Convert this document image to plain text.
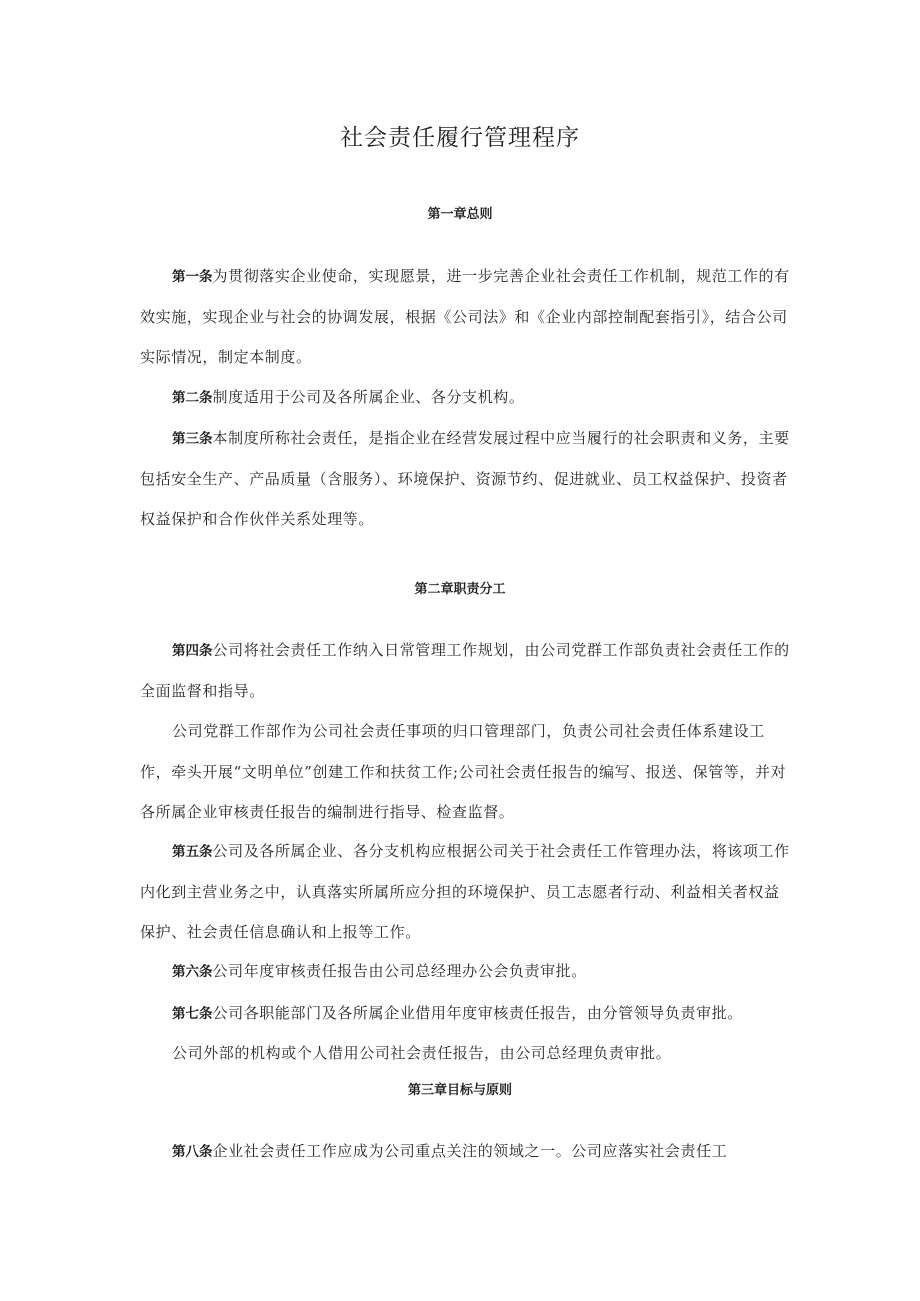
社会责任履行管理程序
第一章总则

第一条为贯彻落实企业使命，实现愿景，进一步完善企业社会责任工作机制，规范工作的有效实施，实现企业与社会的协调发展，根据《公司法》和《企业内部控制配套指引》，结合公司实际情况，制定本制度。

第二条制度适用于公司及各所属企业、各分支机构。

第三条本制度所称社会责任，是指企业在经营发展过程中应当履行的社会职责和义务，主要包括安全生产、产品质量（含服务）、环境保护、资源节约、促进就业、员工权益保护、投资者权益保护和合作伙伴关系处理等。

第二章职责分工

第四条公司将社会责任工作纳入日常管理工作规划，由公司党群工作部负责社会责任工作的全面监督和指导。

公司党群工作部作为公司社会责任事项的归口管理部门，负责公司社会责任体系建设工作，牵头开展“文明单位”创建工作和扶贫工作;公司社会责任报告的编写、报送、保管等，并对各所属企业审核责任报告的编制进行指导、检查监督。

第五条公司及各所属企业、各分支机构应根据公司关于社会责任工作管理办法，将该项工作内化到主营业务之中，认真落实所属所应分担的环境保护、员工志愿者行动、利益相关者权益保护、社会责任信息确认和上报等工作。

第六条公司年度审核责任报告由公司总经理办公会负责审批。

第七条公司各职能部门及各所属企业借用年度审核责任报告，由分管领导负责审批。

公司外部的机构或个人借用公司社会责任报告，由公司总经理负责审批。

第三章目标与原则

第八条企业社会责任工作应成为公司重点关注的领域之一。公司应落实社会责任工
